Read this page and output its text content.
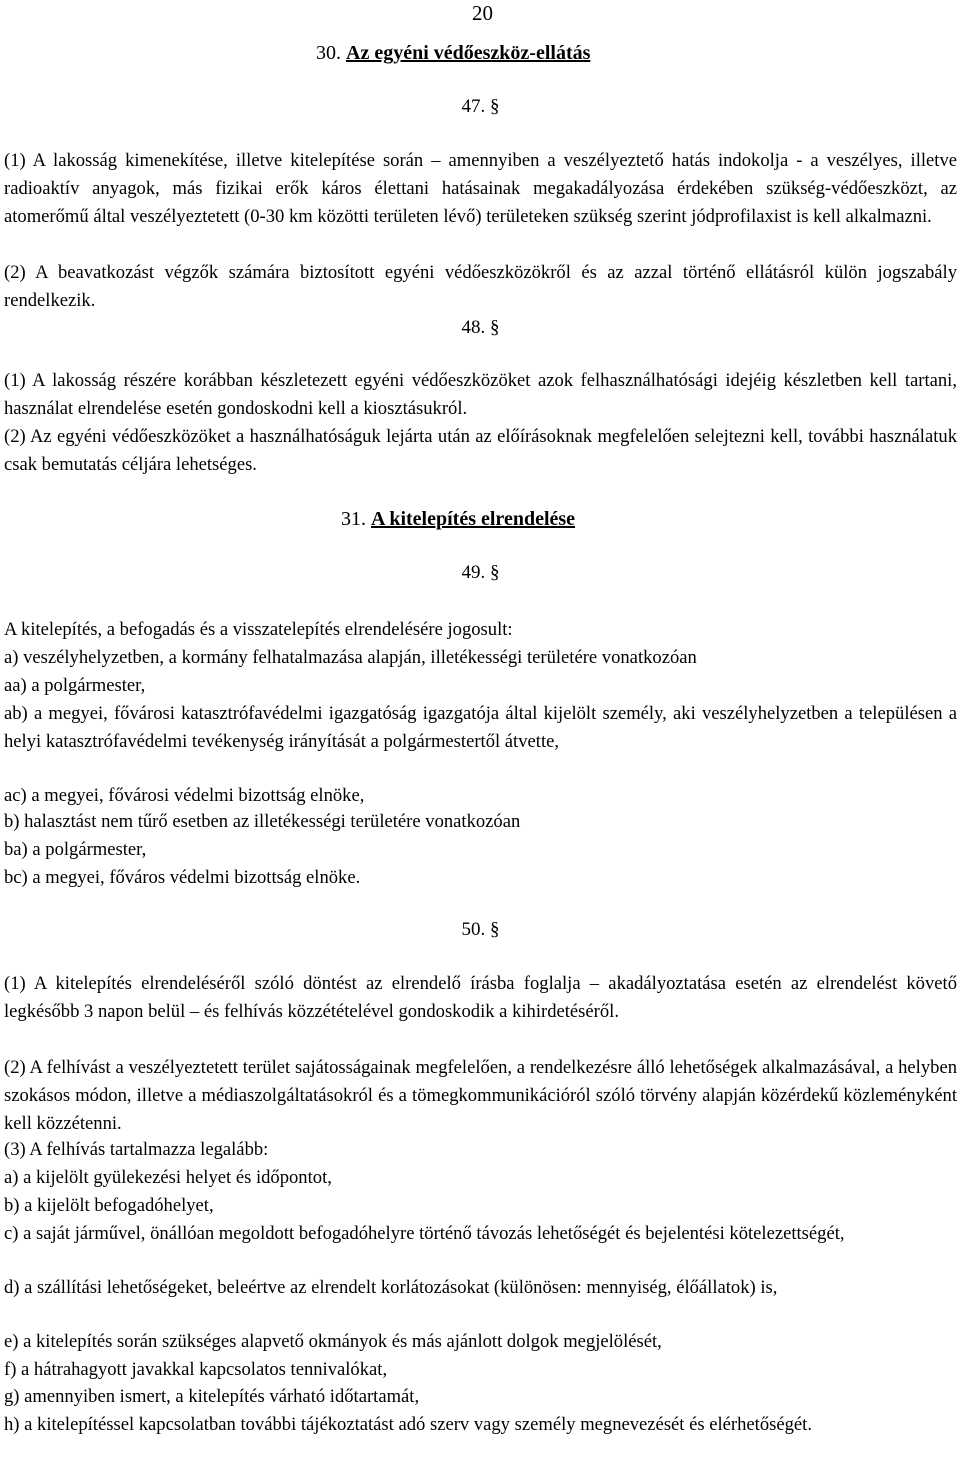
20
30. Az egyéni védőeszköz-ellátás
47. §
(1) A lakosság kimenekítése, illetve kitelepítése során – amennyiben a veszélyeztető hatás indokolja - a veszélyes, illetve radioaktív anyagok, más fizikai erők káros élettani hatásainak megakadályozása érdekében szükség-védőeszközt, az atomerőmű által veszélyeztetett (0-30 km közötti területen lévő) területeken szükség szerint jódprofilaxist is kell alkalmazni.
(2) A beavatkozást végzők számára biztosított egyéni védőeszközökről és az azzal történő ellátásról külön jogszabály rendelkezik.
48. §
(1) A lakosság részére korábban készletezett egyéni védőeszközöket azok felhasználhatósági idejéig készletben kell tartani, használat elrendelése esetén gondoskodni kell a kiosztásukról.
(2) Az egyéni védőeszközöket a használhatóságuk lejárta után az előírásoknak megfelelően selejtezni kell, további használatuk csak bemutatás céljára lehetséges.
31. A kitelepítés elrendelése
49. §
A kitelepítés, a befogadás és a visszatelepítés elrendelésére jogosult:
a) veszélyhelyzetben, a kormány felhatalmazása alapján, illetékességi területére vonatkozóan
aa) a polgármester,
ab) a megyei, fővárosi katasztrófavédelmi igazgatóság igazgatója által kijelölt személy, aki veszélyhelyzetben a településen a helyi katasztrófavédelmi tevékenység irányítását a polgármestertől átvette,
ac) a megyei, fővárosi védelmi bizottság elnöke,
b) halasztást nem tűrő esetben az illetékességi területére vonatkozóan
ba) a polgármester,
bc) a megyei, főváros védelmi bizottság elnöke.
50. §
(1) A kitelepítés elrendeléséről szóló döntést az elrendelő írásba foglalja – akadályoztatása esetén az elrendelést követő legkésőbb 3 napon belül – és felhívás közzétételével gondoskodik a kihirdetéséről.
(2) A felhívást a veszélyeztetett terület sajátosságainak megfelelően, a rendelkezésre álló lehetőségek alkalmazásával, a helyben szokásos módon, illetve a médiaszolgáltatásokról és a tömegkommunikációról szóló törvény alapján közérdekű közleményként kell közzétenni.
(3) A felhívás tartalmazza legalább:
a) a kijelölt gyülekezési helyet és időpontot,
b) a kijelölt befogadóhelyet,
c) a saját járművel, önállóan megoldott befogadóhelyre történő távozás lehetőségét és bejelentési kötelezettségét,
d) a szállítási lehetőségeket, beleértve az elrendelt korlátozásokat (különösen: mennyiség, élőállatok) is,
e) a kitelepítés során szükséges alapvető okmányok és más ajánlott dolgok megjelölését,
f) a hátrahagyott javakkal kapcsolatos tennivalókat,
g) amennyiben ismert, a kitelepítés várható időtartamát,
h) a kitelepítéssel kapcsolatban további tájékoztatást adó szerv vagy személy megnevezését és elérhetőségét.
